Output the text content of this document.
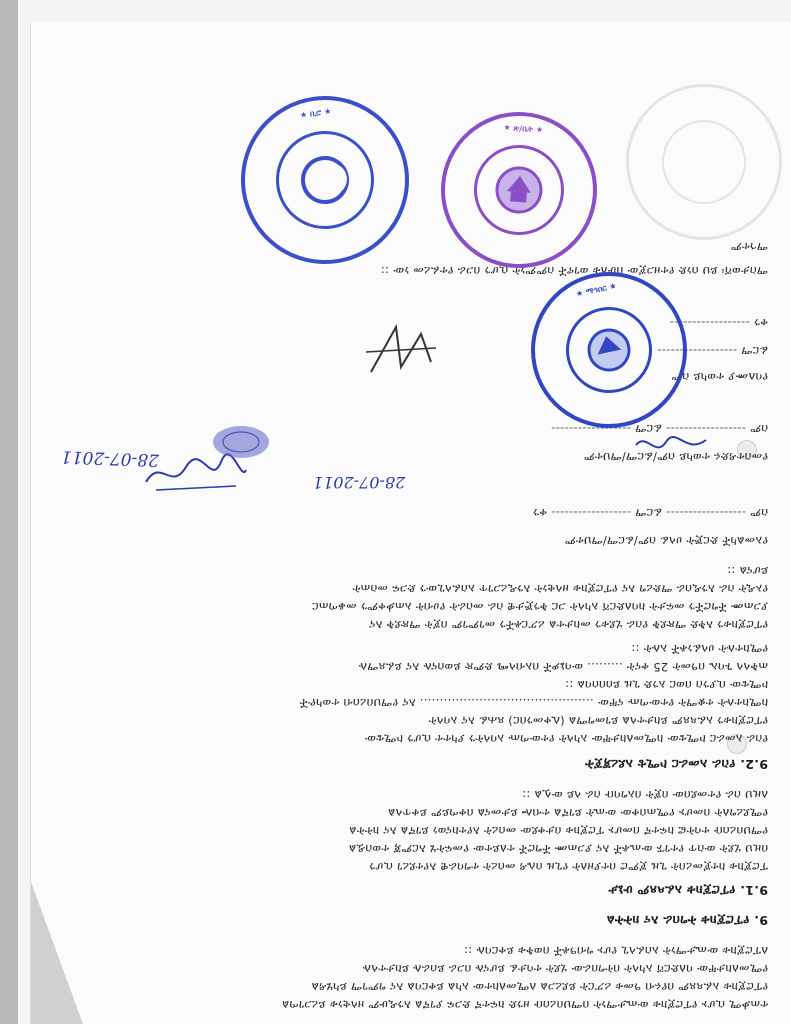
ተጠቃሚ ሲሆኑ የፕሮጀክቱ ውጤታማነት በማህበረሰቡ ዘንድ ከፍተኛ ድጋፍ ያገኛል እንዲሁም ዘላቂነቱ ይረጋገጣል
የፕሮጀክቱ አፈጻጸም በየሩብ ዓመቱ ሪፖርት ይደረጋል ለሚመለከተው አካል ይቀርባል እና ግምገማ ይካሄዳል
የሚመለከታቸው ባለድርሻ አካላት በትግበራው ሂደት ተሳታፊ ይሆናሉ በጋራ ይሰራሉ ይከታተላሉ
ለፕሮጀክቱ ውጤታማነት አስፈላጊ የሆኑ ግብዓቶች በወቅቱ ይቀርባሉ ::
9. የፕሮጀክቱ ትግበራ እና ክትትል
9.1. የፕሮጀክቱ አፈጻጸም ሁኔታ
ፕሮጀክቱ ከተጀመረበት ጊዜ ጀምሮ በተያዘለት የጊዜ ሰሌዳ መሰረት ተግባራዊ እየተደረገ ሲሆን
በዚህ ሂደት ውስጥ የተገኙ ውጤቶች እና ያጋጠሙ ችግሮች ተለይተው የመፍትሄ እርምጃ ተወስዷል
የማህበረሰቡ ተሳትፎ ከፍተኛ በመሆኑ ፕሮጀክቱ በታቀደው መሰረት እየተከናወነ ይገኛል እና ክትትል
የሚደረግለት በመሆኑ የሚጠበቀው ውጤት ይገኛል ተብሎ ይታመናል በቀጣይም ይቀጥላል
ለዚህ ስራ የተመደበው በጀት በአግባቡ ስራ ላይ ውሏል ::
9.2. የስራ አመራር ኮሚቴ አደረጃጀት
የስራ አመራር ኮሚቴው ከሚመለከታቸው አካላት የተውጣጡ አባላትን ያካተተ ሲሆን ኮሚቴው
የፕሮጀክቱን አፈጻጸም ይከታተላል ይገመግማል (ሊቀመንበር) ጸሐፊ እና አባላት
ከሚከተሉት ተቋማት የተውጣጡ ናቸው ............................................ እና የማህበረሰብ ተወካዮች
ኮሚቴው ቢያንስ በወር አንድ ጊዜ ይሰበሰባል ::
ጠቅላላ ጉባኤ በዓመት 25 ቀናት ......... ውሳኔዎች በአብላጫ ድምጽ ይወሰናሉ እና ይፈጸማሉ
የሚከተሉት ሀላፊነቶች አሉት ::
የፕሮጀክቱን እቅድ ማጽደቅ የስራ ሂደቱን መከታተል ሪፖርቶችን መገምገም በጀት ማጽደቅ እና
ያጋጠሙ ችግሮችን መፍታት ከባለድርሻ አካላት ጋር ቅንጅታዊ ስራ መስራት የሀብት አጠቃቀምን መቆጣጠር
የኦዲት ስራ እንዲሰራ ማድረግ እና የፕሮጀክቱ ዘላቂነት እንዲረጋገጥ አስፈላጊውን ድጋፍ መስጠት
ይሆናል ::
የአመልካች ድርጅት ሀላፊ ስም/ፊርማ/ማህተም
ስም ------------------ ፊርማ ------------------ ቀን
የመስተዳድሩ ተወካይ ስም/ፊርማ/ማህተም
ስም ------------------ ፊርማ ------------------
የባለሙያ ተወካይ ስም
ፊርማ ------------------
ቀን ------------------
ማስታወሻ፡ ይህ ሰነድ የተዘጋጀው በሁለቱ ወገኖች ስምምነት ሲሆን በጋራ የተፈረመ ነው ::
ማኅተም
28-07-2011
28-07-2011
★ ቢሮ ★
★ ጽ/ቤት ★
★ ማኅበር ★
